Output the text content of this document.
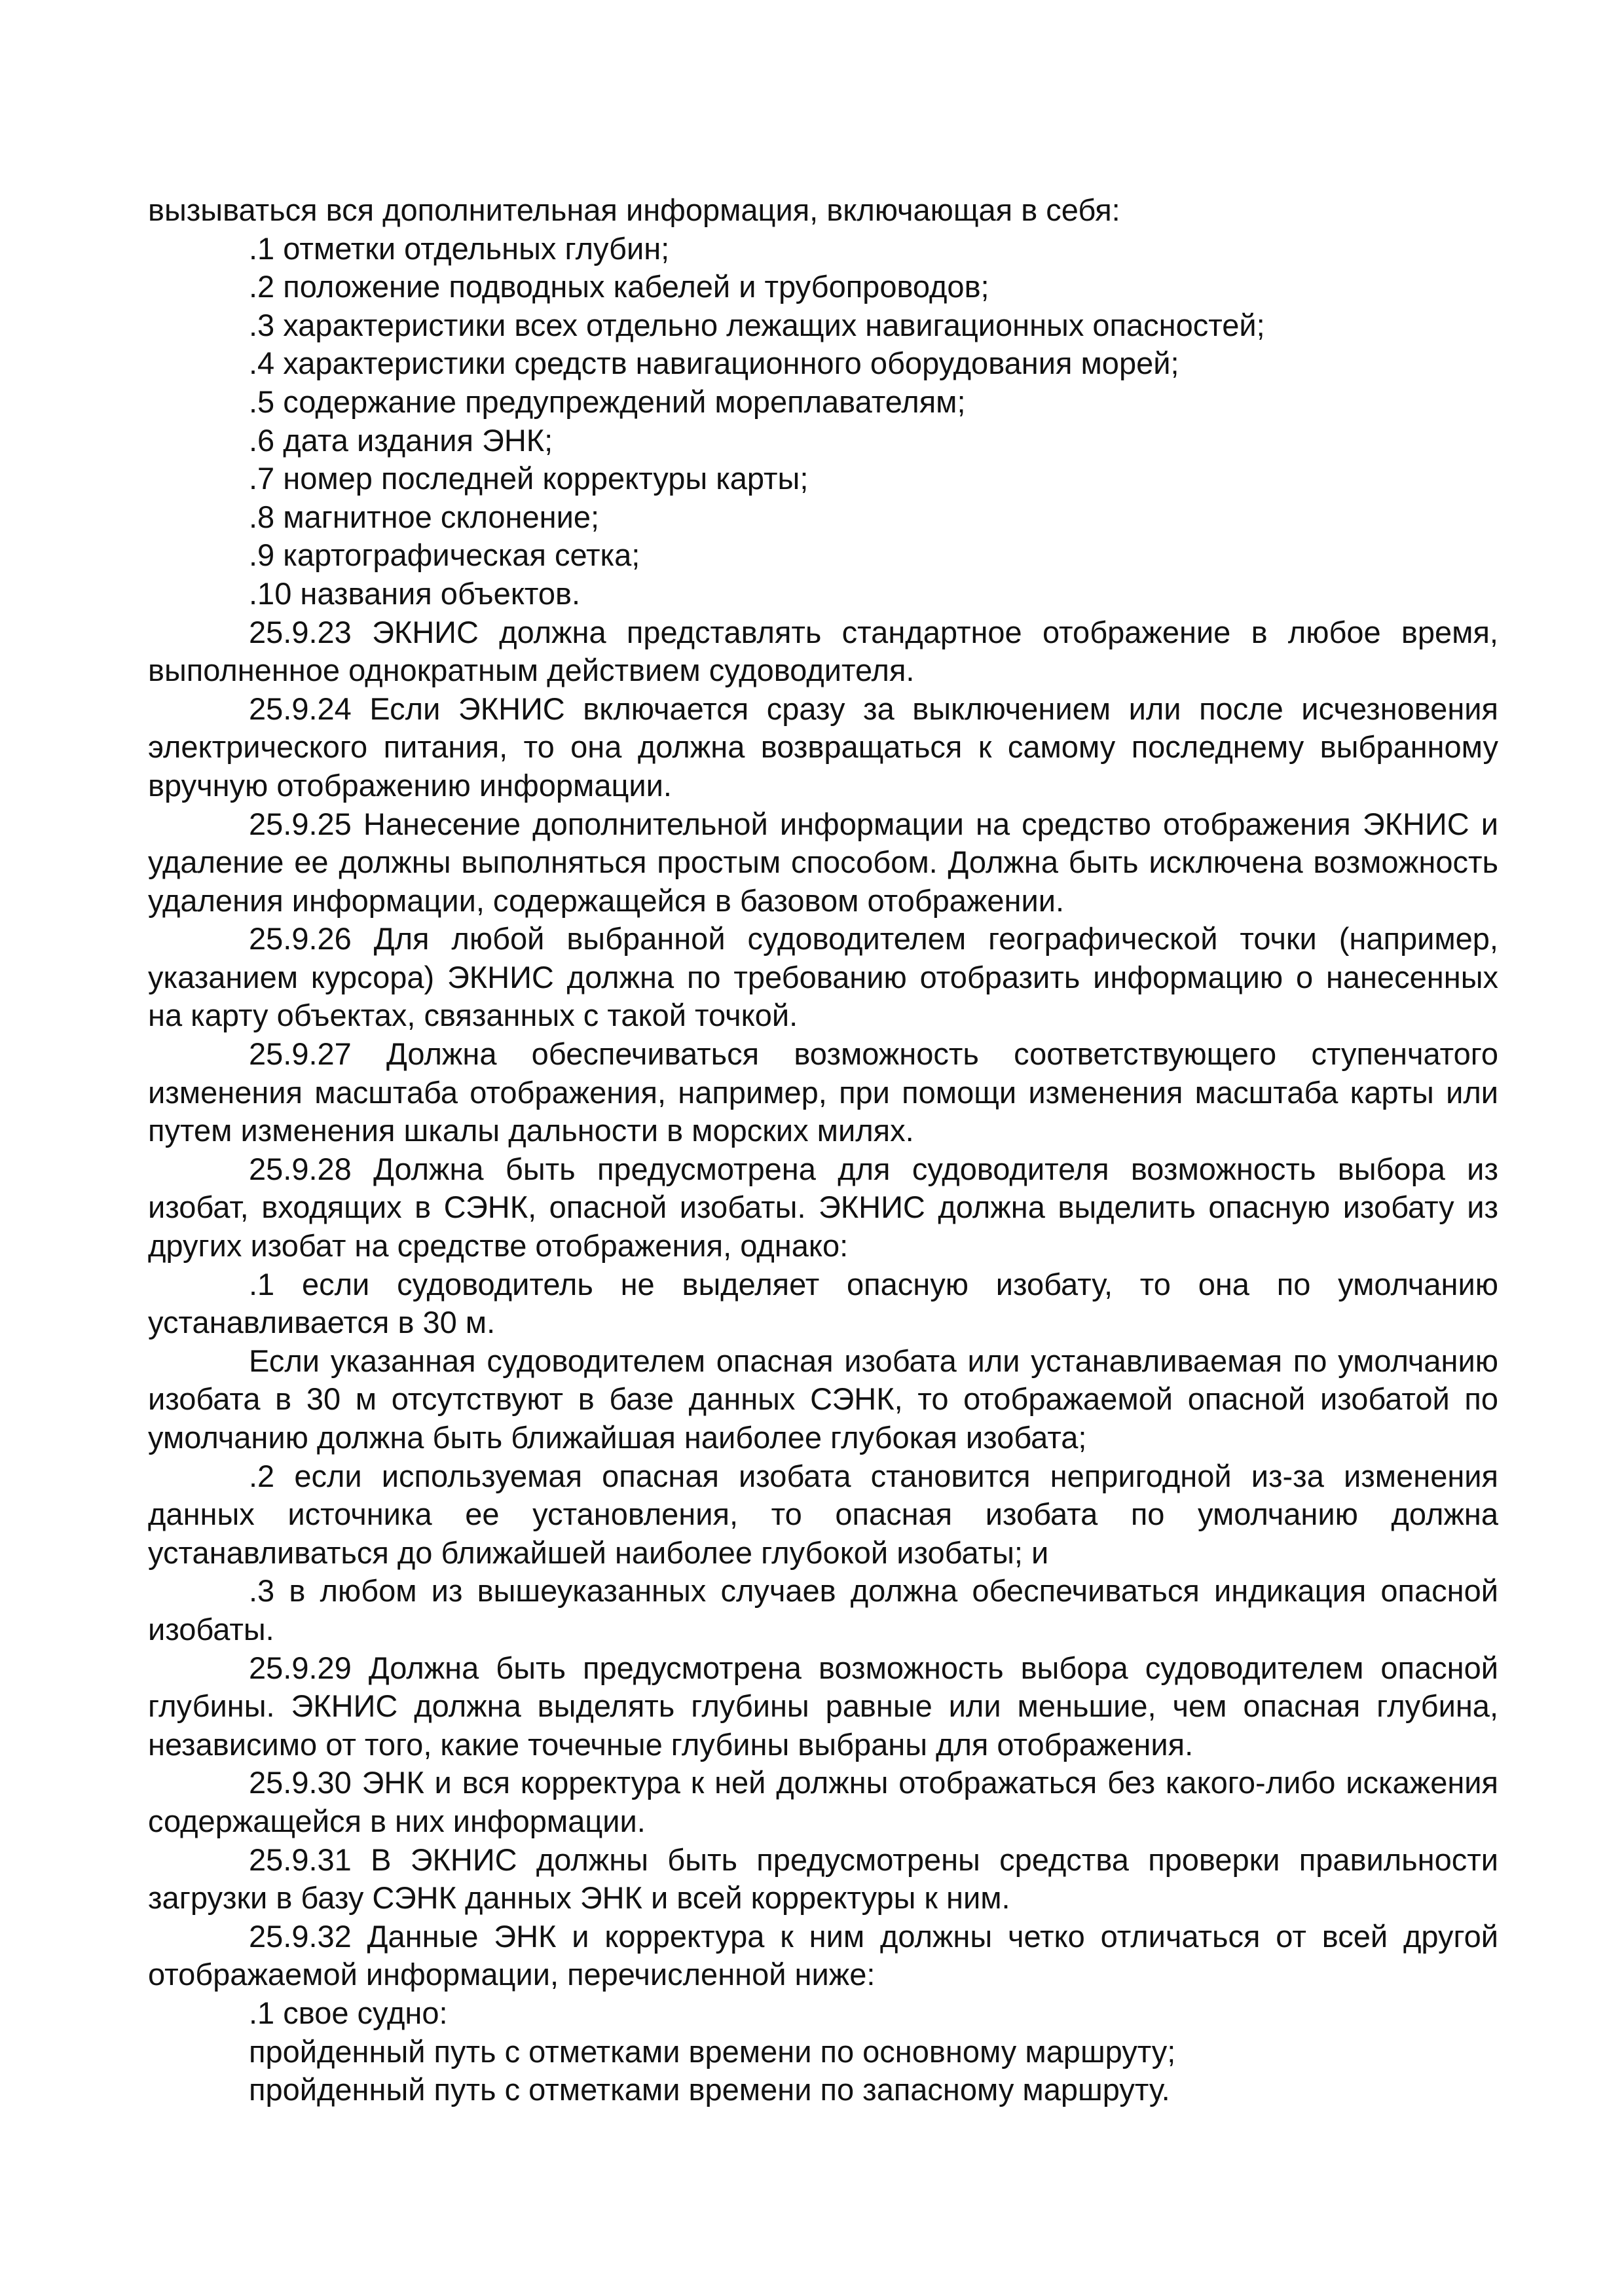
вызываться вся дополнительная информация, включающая в себя:

.1 отметки отдельных глубин;

.2 положение подводных кабелей и трубопроводов;

.3 характеристики всех отдельно лежащих навигационных опасностей;

.4 характеристики средств навигационного оборудования морей;

.5 содержание предупреждений мореплавателям;

.6 дата издания ЭНК;

.7 номер последней корректуры карты;

.8 магнитное склонение;

.9 картографическая сетка;

.10 названия объектов.

25.9.23 ЭКНИС должна представлять стандартное отображение в любое время, выполненное однократным действием судоводителя.

25.9.24 Если ЭКНИС включается сразу за выключением или после исчезновения электрического питания, то она должна возвращаться к самому последнему выбранному вручную отображению информации.

25.9.25 Нанесение дополнительной информации на средство отображения ЭКНИС и удаление ее должны выполняться простым способом. Должна быть исключена возможность удаления информации, содержащейся в базовом отображении.

25.9.26 Для любой выбранной судоводителем географической точки (например, указанием курсора) ЭКНИС должна по требованию отобразить информацию о нанесенных на карту объектах, связанных с такой точкой.

25.9.27 Должна обеспечиваться возможность соответствующего ступенчатого изменения масштаба отображения, например, при помощи изменения масштаба карты или путем изменения шкалы дальности в морских милях.

25.9.28 Должна быть предусмотрена для судоводителя возможность выбора из изобат, входящих в СЭНК, опасной изобаты. ЭКНИС должна выделить опасную изобату из других изобат на средстве отображения, однако:

.1 если судоводитель не выделяет опасную изобату, то она по умолчанию устанавливается в 30 м.

Если указанная судоводителем опасная изобата или устанавливаемая по умолчанию изобата в 30 м отсутствуют в базе данных СЭНК, то отображаемой опасной изобатой по умолчанию должна быть ближайшая наиболее глубокая изобата;

.2 если используемая опасная изобата становится непригодной из-за изменения данных источника ее установления, то опасная изобата по умолчанию должна устанавливаться до ближайшей наиболее глубокой изобаты; и

.3 в любом из вышеуказанных случаев должна обеспечиваться индикация опасной изобаты.

25.9.29 Должна быть предусмотрена возможность выбора судоводителем опасной глубины. ЭКНИС должна выделять глубины равные или меньшие, чем опасная глубина, независимо от того, какие точечные глубины выбраны для отображения.

25.9.30 ЭНК и вся корректура к ней должны отображаться без какого-либо искажения содержащейся в них информации.

25.9.31 В ЭКНИС должны быть предусмотрены средства проверки правильности загрузки в базу СЭНК данных ЭНК и всей корректуры к ним.

25.9.32 Данные ЭНК и корректура к ним должны четко отличаться от всей другой отображаемой информации, перечисленной ниже:

.1 свое судно:

пройденный путь с отметками времени по основному маршруту;

пройденный путь с отметками времени по запасному маршруту.
